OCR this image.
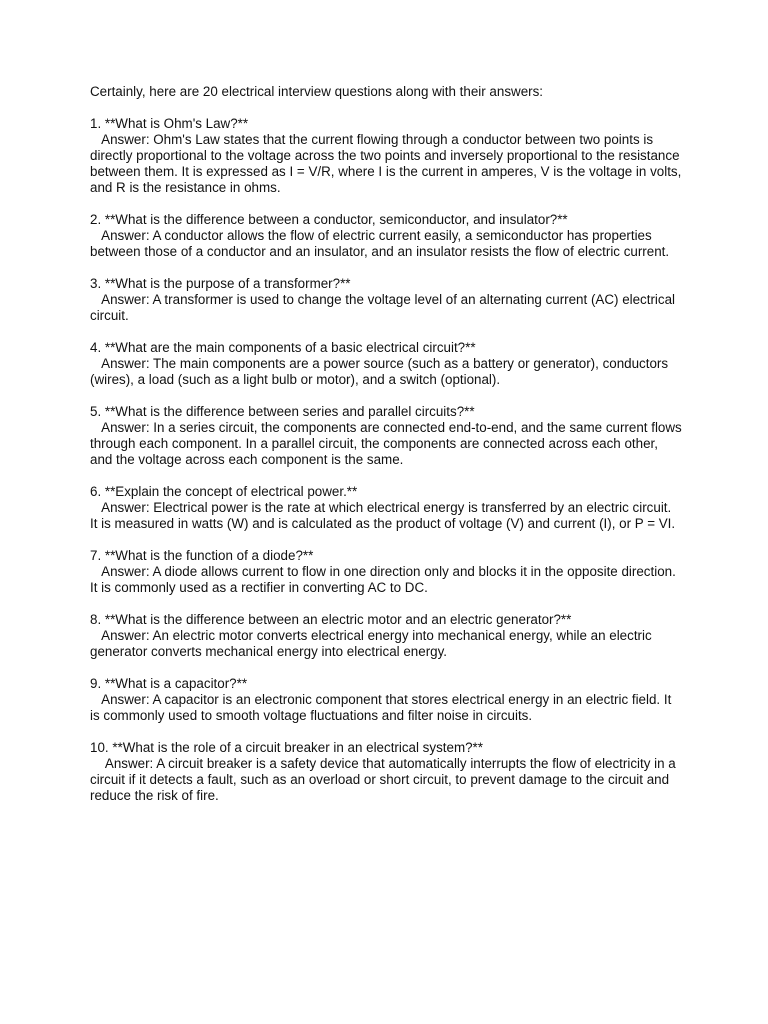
Certainly, here are 20 electrical interview questions along with their answers:
1. **What is Ohm's Law?**
Answer: Ohm's Law states that the current flowing through a conductor between two points is directly proportional to the voltage across the two points and inversely proportional to the resistance between them. It is expressed as I = V/R, where I is the current in amperes, V is the voltage in volts, and R is the resistance in ohms.
2. **What is the difference between a conductor, semiconductor, and insulator?**
Answer: A conductor allows the flow of electric current easily, a semiconductor has properties between those of a conductor and an insulator, and an insulator resists the flow of electric current.
3. **What is the purpose of a transformer?**
Answer: A transformer is used to change the voltage level of an alternating current (AC) electrical circuit.
4. **What are the main components of a basic electrical circuit?**
Answer: The main components are a power source (such as a battery or generator), conductors (wires), a load (such as a light bulb or motor), and a switch (optional).
5. **What is the difference between series and parallel circuits?**
Answer: In a series circuit, the components are connected end-to-end, and the same current flows through each component. In a parallel circuit, the components are connected across each other, and the voltage across each component is the same.
6. **Explain the concept of electrical power.**
Answer: Electrical power is the rate at which electrical energy is transferred by an electric circuit. It is measured in watts (W) and is calculated as the product of voltage (V) and current (I), or P = VI.
7. **What is the function of a diode?**
Answer: A diode allows current to flow in one direction only and blocks it in the opposite direction. It is commonly used as a rectifier in converting AC to DC.
8. **What is the difference between an electric motor and an electric generator?**
Answer: An electric motor converts electrical energy into mechanical energy, while an electric generator converts mechanical energy into electrical energy.
9. **What is a capacitor?**
Answer: A capacitor is an electronic component that stores electrical energy in an electric field. It is commonly used to smooth voltage fluctuations and filter noise in circuits.
10. **What is the role of a circuit breaker in an electrical system?**
Answer: A circuit breaker is a safety device that automatically interrupts the flow of electricity in a circuit if it detects a fault, such as an overload or short circuit, to prevent damage to the circuit and reduce the risk of fire.
